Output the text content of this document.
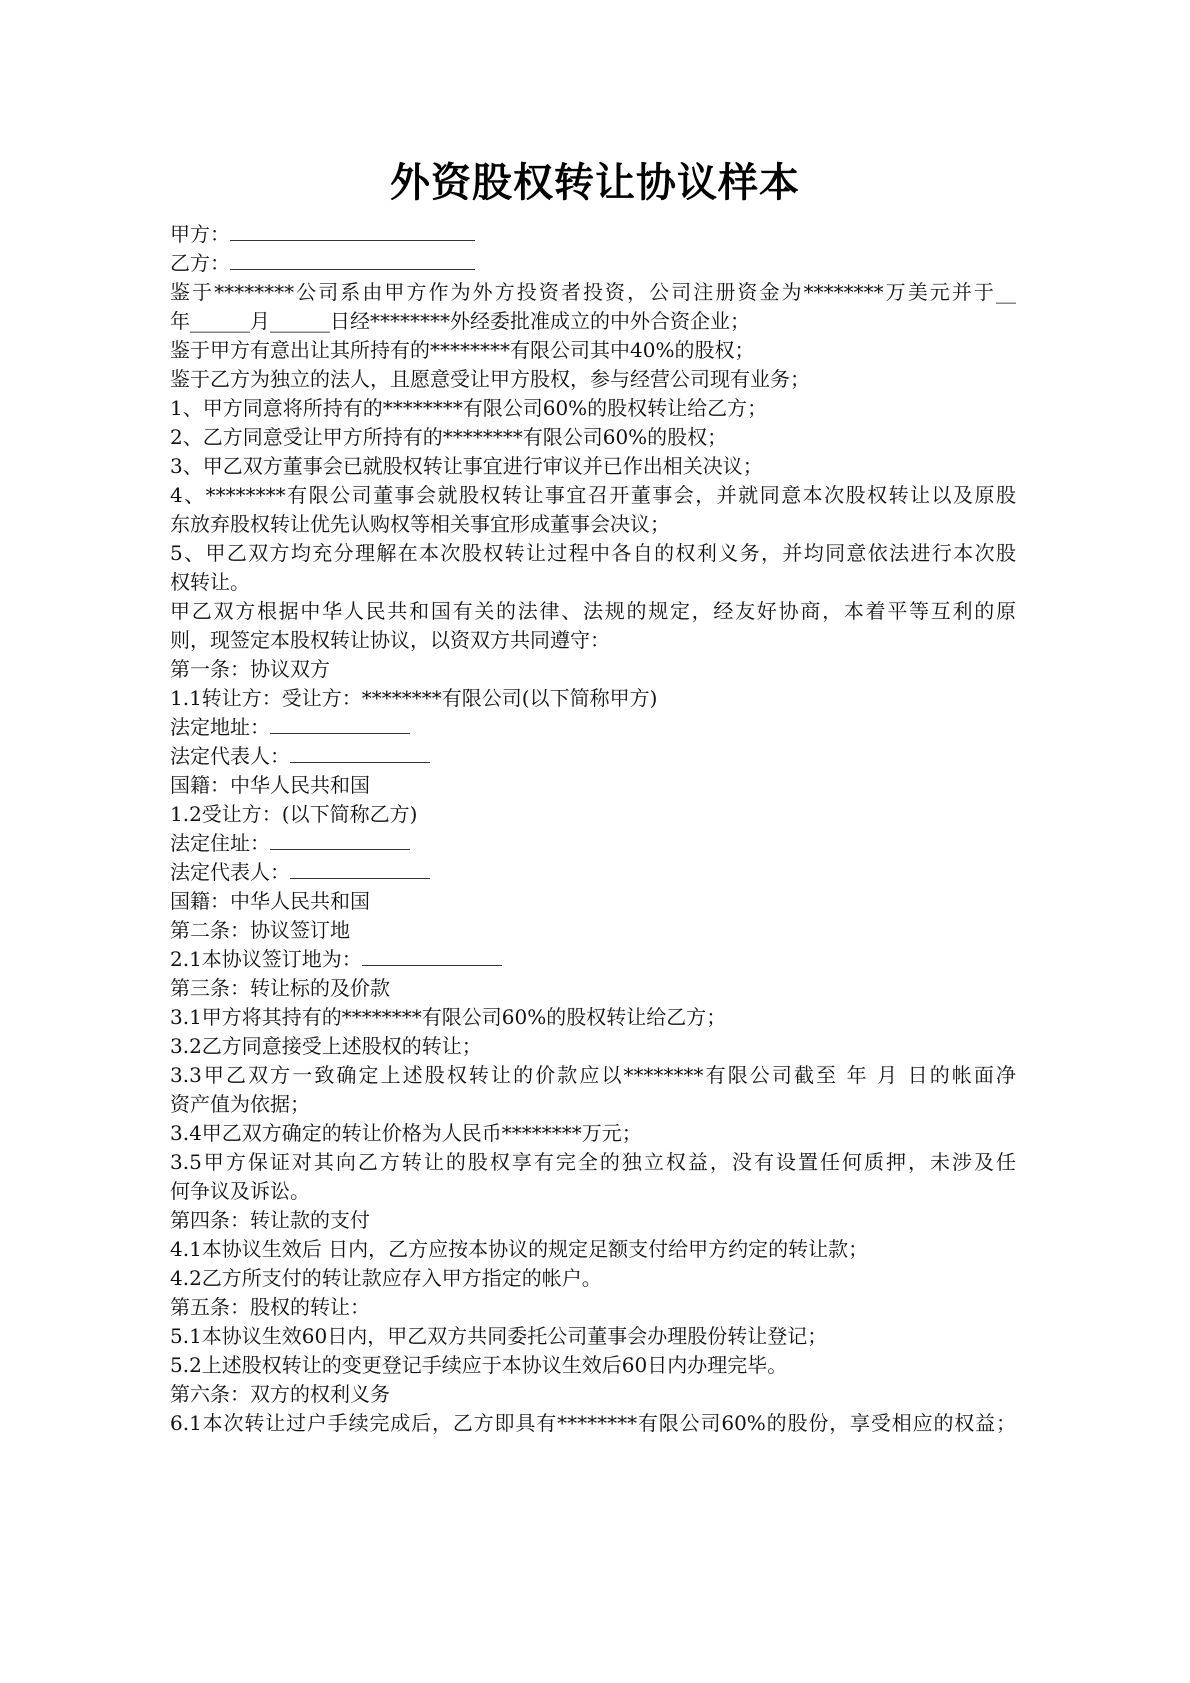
外资股权转让协议样本
甲方：
乙方：
鉴于********公司系由甲方作为外方投资者投资，公司注册资金为********万美元并于__
年______月______日经********外经委批准成立的中外合资企业；
鉴于甲方有意出让其所持有的********有限公司其中40%的股权；
鉴于乙方为独立的法人，且愿意受让甲方股权，参与经营公司现有业务；
1、甲方同意将所持有的********有限公司60%的股权转让给乙方；
2、乙方同意受让甲方所持有的********有限公司60%的股权；
3、甲乙双方董事会已就股权转让事宜进行审议并已作出相关决议；
4、********有限公司董事会就股权转让事宜召开董事会，并就同意本次股权转让以及原股
东放弃股权转让优先认购权等相关事宜形成董事会决议；
5、甲乙双方均充分理解在本次股权转让过程中各自的权利义务，并均同意依法进行本次股
权转让。
甲乙双方根据中华人民共和国有关的法律、法规的规定，经友好协商，本着平等互利的原
则，现签定本股权转让协议，以资双方共同遵守：
第一条：协议双方
1.1转让方：受让方：********有限公司(以下简称甲方)
法定地址：
法定代表人：
国籍：中华人民共和国
1.2受让方：(以下简称乙方)
法定住址：
法定代表人：
国籍：中华人民共和国
第二条：协议签订地
2.1本协议签订地为：
第三条：转让标的及价款
3.1甲方将其持有的********有限公司60%的股权转让给乙方；
3.2乙方同意接受上述股权的转让；
3.3甲乙双方一致确定上述股权转让的价款应以********有限公司截至 年 月 日的帐面净
资产值为依据；
3.4甲乙双方确定的转让价格为人民币********万元；
3.5甲方保证对其向乙方转让的股权享有完全的独立权益，没有设置任何质押，未涉及任
何争议及诉讼。
第四条：转让款的支付
4.1本协议生效后 日内，乙方应按本协议的规定足额支付给甲方约定的转让款；
4.2乙方所支付的转让款应存入甲方指定的帐户。
第五条：股权的转让：
5.1本协议生效60日内，甲乙双方共同委托公司董事会办理股份转让登记；
5.2上述股权转让的变更登记手续应于本协议生效后60日内办理完毕。
第六条：双方的权利义务
6.1本次转让过户手续完成后，乙方即具有********有限公司60%的股份，享受相应的权益；
